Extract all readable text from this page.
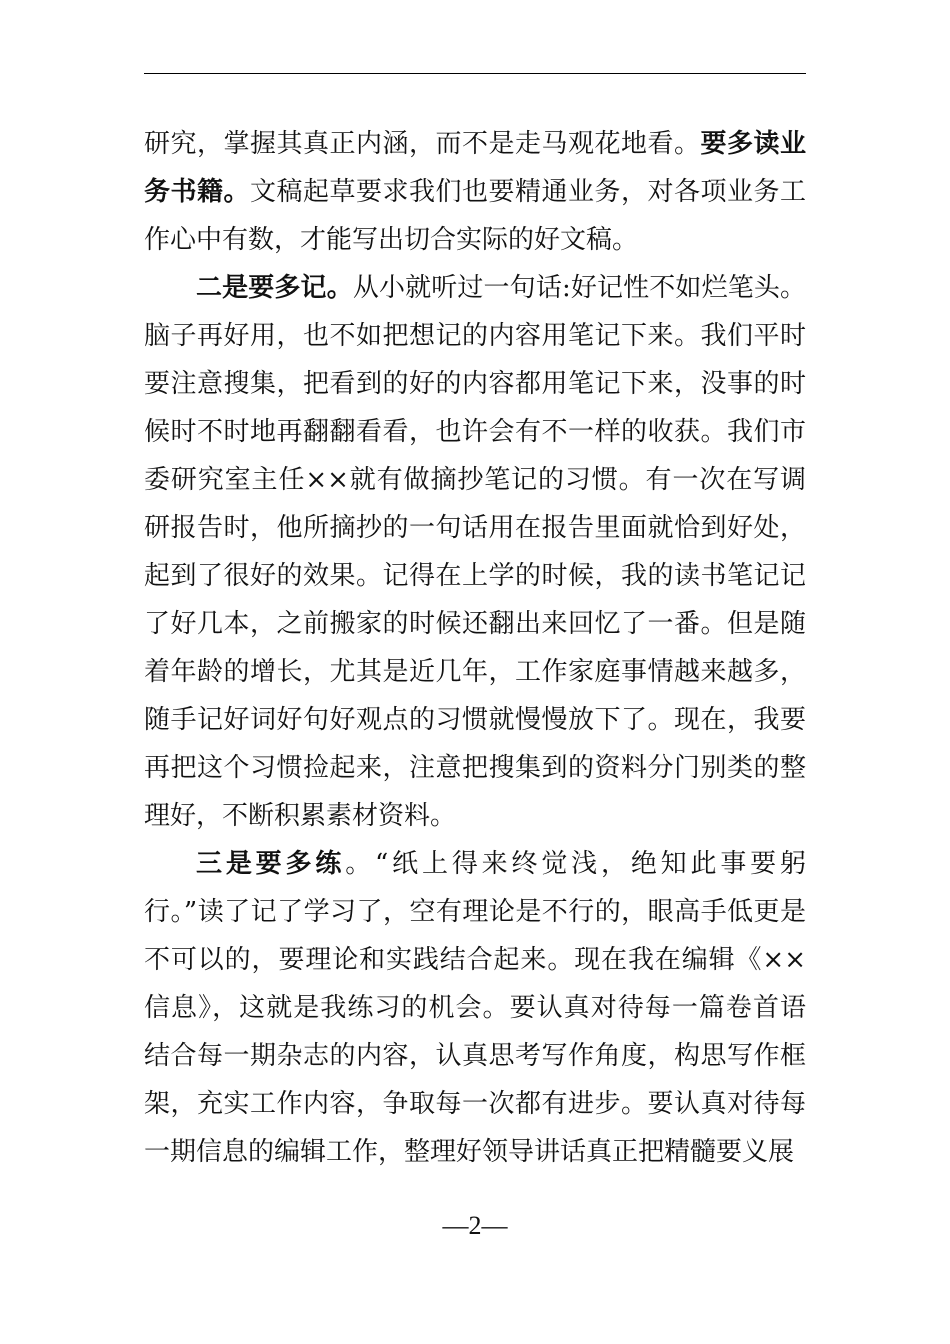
研究，掌握其真正内涵，而不是走马观花地看。要多读业务书籍。文稿起草要求我们也要精通业务，对各项业务工作心中有数，才能写出切合实际的好文稿。

二是要多记。从小就听过一句话:好记性不如烂笔头。脑子再好用，也不如把想记的内容用笔记下来。我们平时要注意搜集，把看到的好的内容都用笔记下来，没事的时候时不时地再翻翻看看，也许会有不一样的收获。我们市委研究室主任××就有做摘抄笔记的习惯。有一次在写调研报告时，他所摘抄的一句话用在报告里面就恰到好处，起到了很好的效果。记得在上学的时候，我的读书笔记记了好几本，之前搬家的时候还翻出来回忆了一番。但是随着年龄的增长，尤其是近几年，工作家庭事情越来越多，随手记好词好句好观点的习惯就慢慢放下了。现在，我要再把这个习惯捡起来，注意把搜集到的资料分门别类的整理好，不断积累素材资料。

三是要多练。“纸上得来终觉浅，绝知此事要躬行。”读了记了学习了，空有理论是不行的，眼高手低更是不可以的，要理论和实践结合起来。现在我在编辑《××信息》，这就是我练习的机会。要认真对待每一篇卷首语结合每一期杂志的内容，认真思考写作角度，构思写作框架，充实工作内容，争取每一次都有进步。要认真对待每一期信息的编辑工作，整理好领导讲话真正把精髓要义展

—2—
